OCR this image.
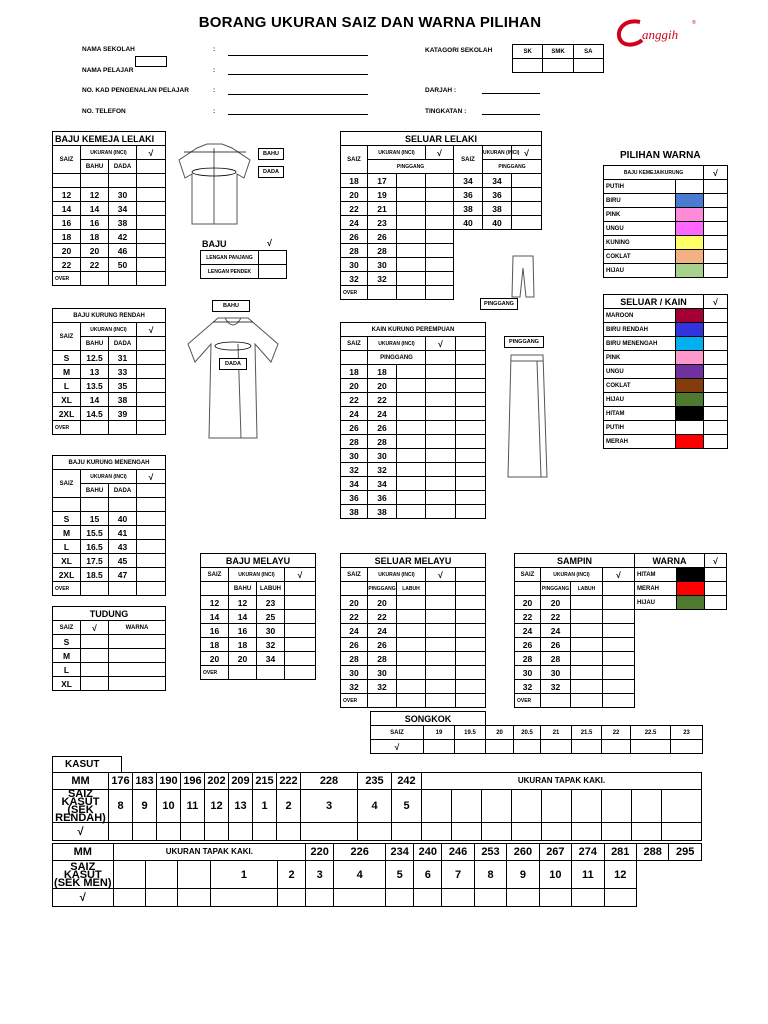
BORANG UKURAN SAIZ DAN WARNA PILIHAN
anggih
®
NAMA SEKOLAH	:
NAMA PELAJAR	:
NO. KAD PENGENALAN PELAJAR	:
NO. TELEFON	:
KATAGORI SEKOLAH	SK	SMK	SA

DARJAH :
TINGKATAN :
BAJU KEMEJA LELAKI			
SAIZ	UKURAN (INCI)		√
	BAHU	DADA	

12	12	30	
14	14	34	
16	16	38	
18	18	42	
20	20	46	
22	22	50	
OVER			
BAHU
DADA
BAJU	√
LENGAN PANJANG	
LENGAN PENDEK	
SELUAR LELAKI						
SAIZ	UKURAN (INCI)		√	SAIZ	UKURAN (INCI)	√
	PINGGANG				PINGGANG	
18	17			34	34	
20	19			36	36	
22	21			38	38	
24	23			40	40	
26	26					
28	28					
30	30					
32	32					
OVER						
PINGGANG
PILIHAN WARNA
BAJU KEMEJA/KURUNG		√
PUTIH		
BIRU		
PINK		
UNGU		
KUNING		
COKLAT		
HIJAU		
SELUAR / KAIN		√
MAROON		
BIRU RENDAH		
BIRU MENENGAH		
PINK		
UNGU		
COKLAT		
HIJAU		
HITAM		
PUTIH		
MERAH		
BAJU KURUNG RENDAH			
SAIZ	UKURAN (INCI)		√
	BAHU	DADA	
S	12.5	31	
M	13	33	
L	13.5	35	
XL	14	38	
2XL	14.5	39	
OVER			
BAHU
DADA
KAIN KURUNG PEREMPUAN				
SAIZ	UKURAN (INCI)		√	
	PINGGANG			
18	18			
20	20			
22	22			
24	24			
26	26			
28	28			
30	30			
32	32			
34	34			
36	36			
38	38			
PINGGANG
BAJU KURUNG MENENGAH			
SAIZ	UKURAN (INCI)		√
	BAHU	DADA	

S	15	40	
M	15.5	41	
L	16.5	43	
XL	17.5	45	
2XL	18.5	47	
OVER			
BAJU MELAYU			
SAIZ	UKURAN (INCI)		√
	BAHU	LABUH	
12	12	23	
14	14	25	
16	16	30	
18	18	32	
20	20	34	
OVER			
SELUAR MELAYU				
SAIZ	UKURAN (INCI)		√	
	PINGGANG	LABUH		
20	20			
22	22			
24	24			
26	26			
28	28			
30	30			
32	32			
OVER				
SAMPIN			
SAIZ	UKURAN (INCI)		√
	PINGGANG	LABUH	
20	20		
22	22		
24	24		
26	26		
28	28		
30	30		
32	32		
OVER			
WARNA		√
HITAM		
MERAH		
HIJAU		
TUDUNG		
SAIZ	√	WARNA
S		
M		
L		
XL		
SONGKOK									
SAIZ	19	19.5	20	20.5	21	21.5	22	22.5	23
√									
KASUT
MM	176	183	190	196	202	209	215	222	228	235	242	UKURAN TAPAK KAKI.								
SAIZ KASUT (SEK RENDAH)	8	9	10	11	12	13	1	2	3	4	5									
√																				
MM	UKURAN TAPAK KAKI.					220	226	234	240	246	253	260	267	274	281	288	295
SAIZ KASUT (SEK MEN)				1	2	3	4	5	6	7	8	9	10	11	12		
√																	
